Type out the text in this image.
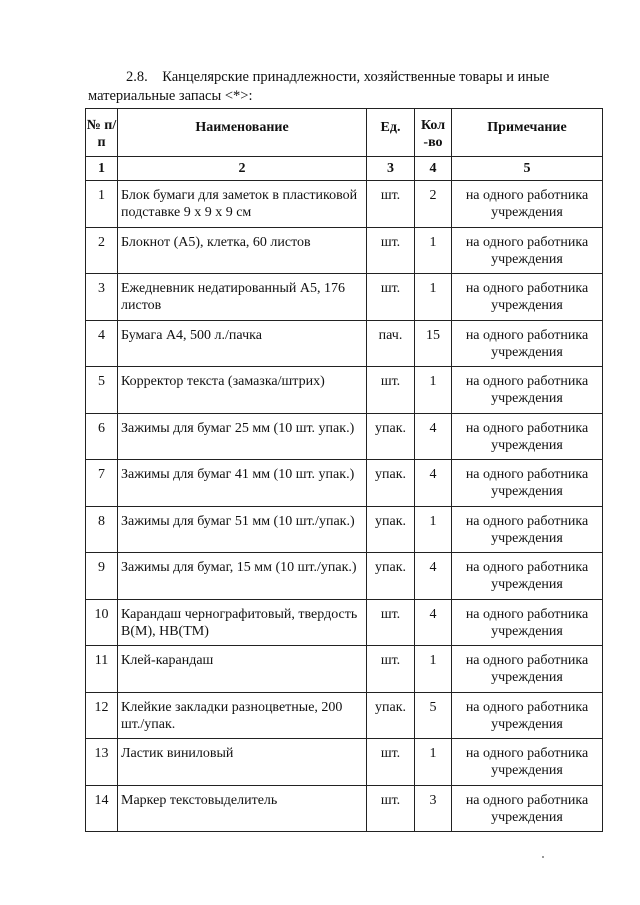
2.8. Канцелярские принадлежности, хозяйственные товары и иные материальные запасы <*>:
№ п/п	Наименование	Ед.	Кол -во	Примечание
1	2	3	4	5
1	Блок бумаги для заметок в пластиковой подставке 9 х 9 х 9 см	шт.	2	на одного работника учреждения
2	Блокнот (А5), клетка, 60 листов	шт.	1	на одного работника учреждения
3	Ежедневник недатированный А5, 176 листов	шт.	1	на одного работника учреждения
4	Бумага А4, 500 л./пачка	пач.	15	на одного работника учреждения
5	Корректор текста (замазка/штрих)	шт.	1	на одного работника учреждения
6	Зажимы для бумаг 25 мм (10 шт. упак.)	упак.	4	на одного работника учреждения
7	Зажимы для бумаг 41 мм (10 шт. упак.)	упак.	4	на одного работника учреждения
8	Зажимы для бумаг 51 мм (10 шт./упак.)	упак.	1	на одного работника учреждения
9	Зажимы для бумаг, 15 мм (10 шт./упак.)	упак.	4	на одного работника учреждения
10	Карандаш чернографитовый, твердость B(M), HB(TM)	шт.	4	на одного работника учреждения
11	Клей-карандаш	шт.	1	на одного работника учреждения
12	Клейкие закладки разноцветные, 200 шт./упак.	упак.	5	на одного работника учреждения
13	Ластик виниловый	шт.	1	на одного работника учреждения
14	Маркер текстовыделитель	шт.	3	на одного работника учреждения
